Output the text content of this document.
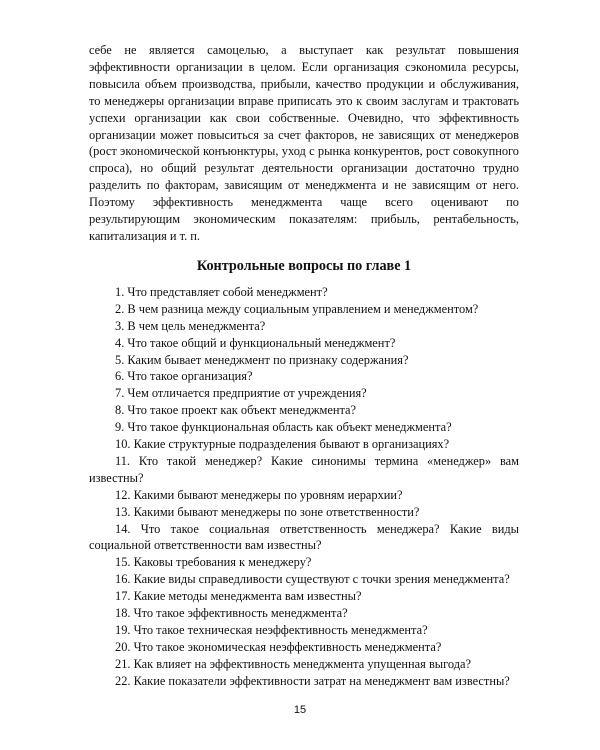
себе не является самоцелью, а выступает как результат повышения эффективности организации в целом. Если организация сэкономила ресурсы, повысила объем производства, прибыли, качество продукции и обслуживания, то менеджеры организации вправе приписать это к своим заслугам и трактовать успехи организации как свои собственные. Очевидно, что эффективность организации может повыситься за счет факторов, не зависящих от менеджеров (рост экономической конъюнктуры, уход с рынка конкурентов, рост совокупного спроса), но общий результат деятельности организации достаточно трудно разделить по факторам, зависящим от менеджмента и не зависящим от него. Поэтому эффективность менеджмента чаще всего оценивают по результирующим экономическим показателям: прибыль, рентабельность, капитализация и т. п.

Контрольные вопросы по главе 1
1. Что представляет собой менеджмент?
2. В чем разница между социальным управлением и менеджментом?
3. В чем цель менеджмента?
4. Что такое общий и функциональный менеджмент?
5. Каким бывает менеджмент по признаку содержания?
6. Что такое организация?
7. Чем отличается предприятие от учреждения?
8. Что такое проект как объект менеджмента?
9. Что такое функциональная область как объект менеджмента?
10. Какие структурные подразделения бывают в организациях?
11. Кто такой менеджер? Какие синонимы термина «менеджер» вам известны?
12. Какими бывают менеджеры по уровням иерархии?
13. Какими бывают менеджеры по зоне ответственности?
14. Что такое социальная ответственность менеджера? Какие виды социальной ответственности вам известны?
15. Каковы требования к менеджеру?
16. Какие виды справедливости существуют с точки зрения менеджмента?
17. Какие методы менеджмента вам известны?
18. Что такое эффективность менеджмента?
19. Что такое техническая неэффективность менеджмента?
20. Что такое экономическая неэффективность менеджмента?
21. Как влияет на эффективность менеджмента упущенная выгода?
22. Какие показатели эффективности затрат на менеджмент вам известны?
15
